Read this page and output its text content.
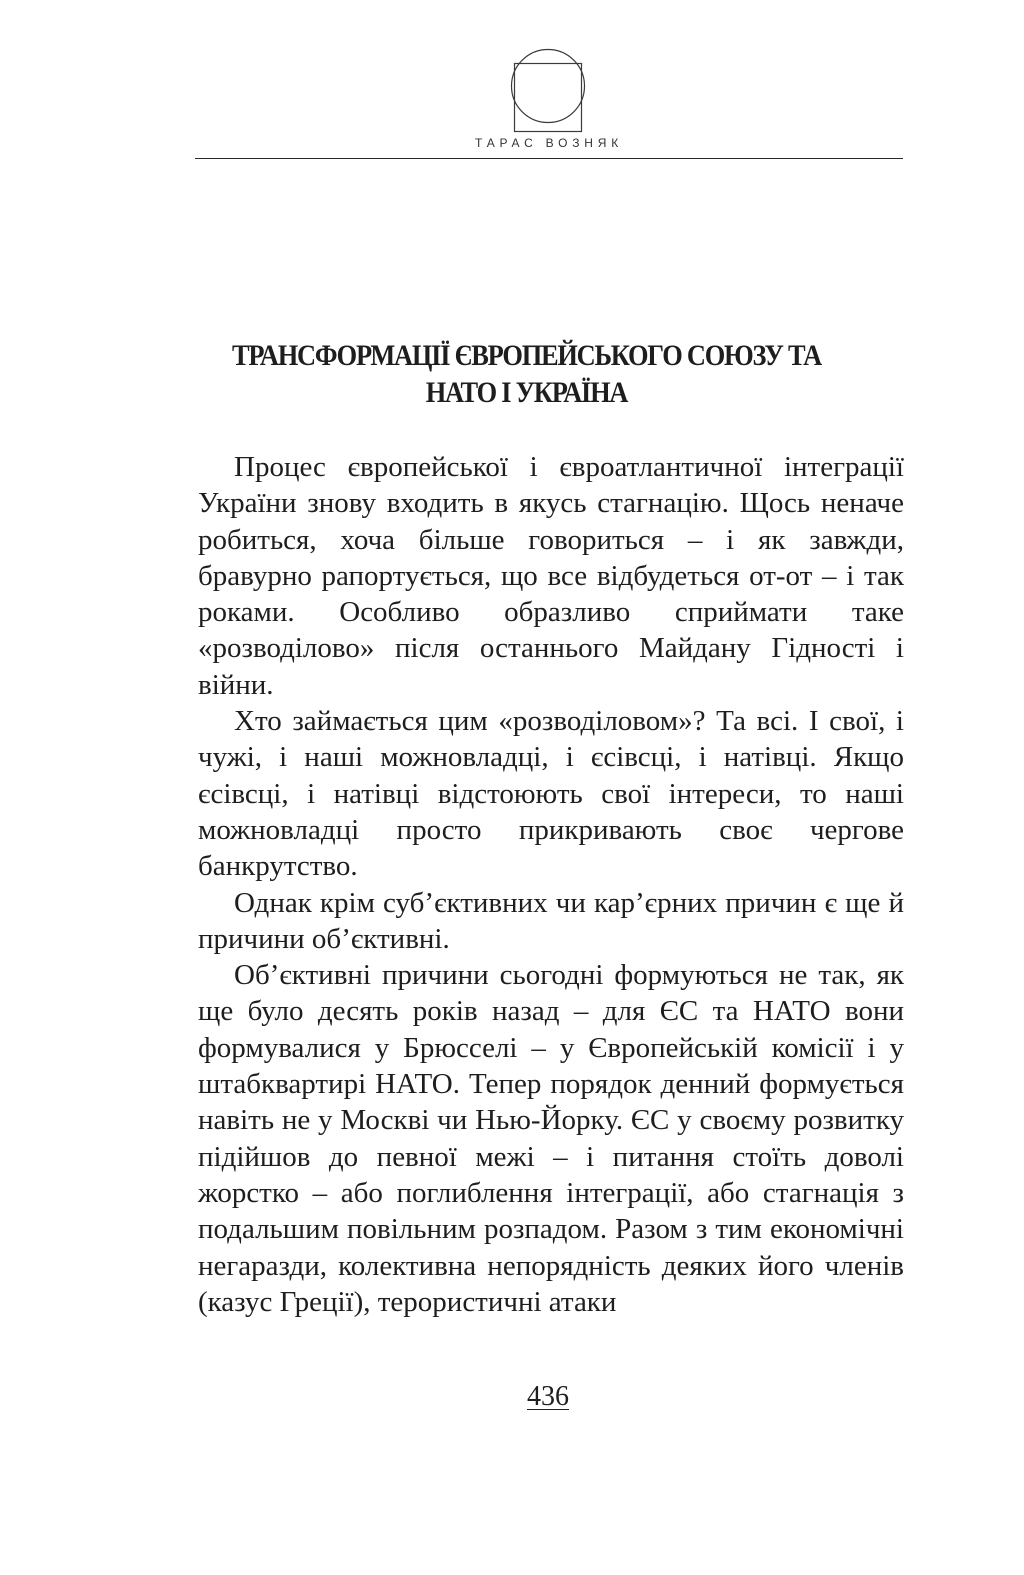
ТАРАС ВОЗНЯК
ТРАНСФОРМАЦІЇ ЄВРОПЕЙСЬКОГО СОЮЗУ ТА
НАТО І УКРАЇНА

Процес європейської і євроатлантичної інтеграції України знову входить в якусь стагнацію. Щось неначе робиться, хоча більше говориться – і як завжди, бравурно рапортується, що все відбудеться от-от – і так роками. Особливо образливо сприймати таке «розводілово» після останнього Майдану Гідності і війни.

Хто займається цим «розводіловом»? Та всі. І свої, і чужі, і наші можновладці, і єсівсці, і натівці. Якщо єсівсці, і натівці відстоюють свої інтереси, то наші можновладці просто прикривають своє чергове банкрутство.

Однак крім суб’єктивних чи кар’єрних причин є ще й причини об’єктивні.

Об’єктивні причини сьогодні формуються не так, як ще було десять років назад – для ЄС та НАТО вони формувалися у Брюсселі – у Європейській комісії і у штабквартирі НАТО. Тепер порядок денний формується навіть не у Москві чи Нью-Йорку. ЄС у своєму розвитку підійшов до певної межі – і питання стоїть доволі жорстко – або поглиблення інтеграції, або стагнація з подальшим повільним розпадом. Разом з тим економічні негаразди, колективна непорядність деяких його членів (казус Греції), терористичні атаки

436
